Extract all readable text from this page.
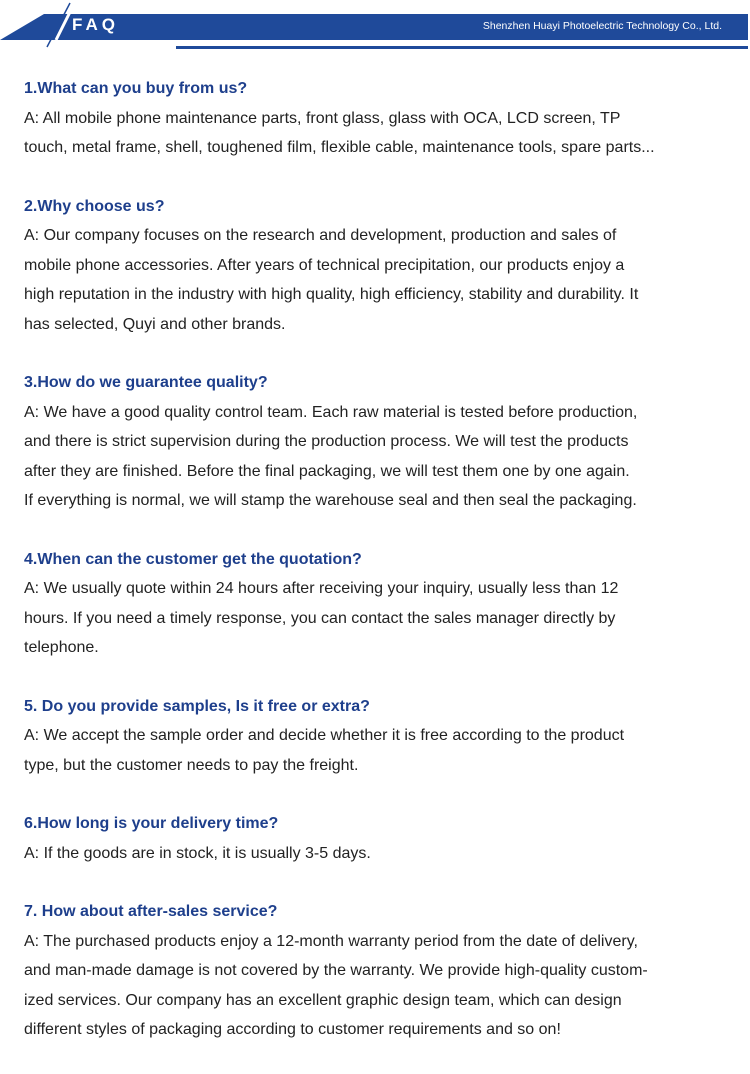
FAQ	Shenzhen Huayi Photoelectric Technology Co., Ltd.
1.What can you buy from us?
A: All mobile phone maintenance parts, front glass, glass with OCA, LCD screen, TP
touch, metal frame, shell, toughened film, flexible cable, maintenance tools, spare parts...
2.Why choose us?
A: Our company focuses on the research and development, production and sales of
mobile phone accessories. After years of technical precipitation, our products enjoy a
high reputation in the industry with high quality, high efficiency, stability and durability. It
has selected, Quyi and other brands.
3.How do we guarantee quality?
A: We have a good quality control team. Each raw material is tested before production,
and there is strict supervision during the production process. We will test the products
after they are finished. Before the final packaging, we will test them one by one again.
If everything is normal, we will stamp the warehouse seal and then seal the packaging.
4.When can the customer get the quotation?
A: We usually quote within 24 hours after receiving your inquiry, usually less than 12
hours. If you need a timely response, you can contact the sales manager directly by
telephone.
5. Do you provide samples, Is it free or extra?
A: We accept the sample order and decide whether it is free according to the product
type, but the customer needs to pay the freight.
6.How long is your delivery time?
A: If the goods are in stock, it is usually 3-5 days.
7. How about after-sales service?
A: The purchased products enjoy a 12-month warranty period from the date of delivery,
and man-made damage is not covered by the warranty. We provide high-quality custom-
ized services. Our company has an excellent graphic design team, which can design
different styles of packaging according to customer requirements and so on!
